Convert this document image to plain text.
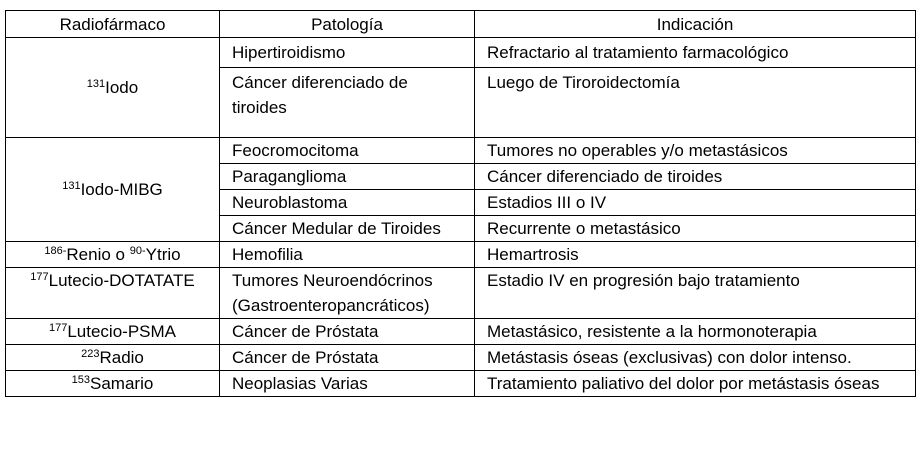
Radiofármaco	Patología	Indicación
$^{131}$Iodo	Hipertiroidismo	Refractario al tratamiento farmacológico
	Cáncer diferenciado de tiroides	Luego de Tiroroidectomía
$^{131}$Iodo-MIBG	Feocromocitoma	Tumores no operables y/o metastásicos
	Paraganglioma	Cáncer diferenciado de tiroides
	Neuroblastoma	Estadios III o IV
	Cáncer Medular de Tiroides	Recurrente o metastásico
$^{186-}$Renio o $^{90-}$Ytrio	Hemofilia	Hemartrosis
$^{177}$Lutecio-DOTATATE	Tumores Neuroendócrinos (Gastroenteropancráticos)	Estadio IV en progresión bajo tratamiento
$^{177}$Lutecio-PSMA	Cáncer de Próstata	Metastásico, resistente a la hormonoterapia
$^{223}$Radio	Cáncer de Próstata	Metástasis óseas (exclusivas) con dolor intenso.
$^{153}$Samario	Neoplasias Varias	Tratamiento paliativo del dolor por metástasis óseas
